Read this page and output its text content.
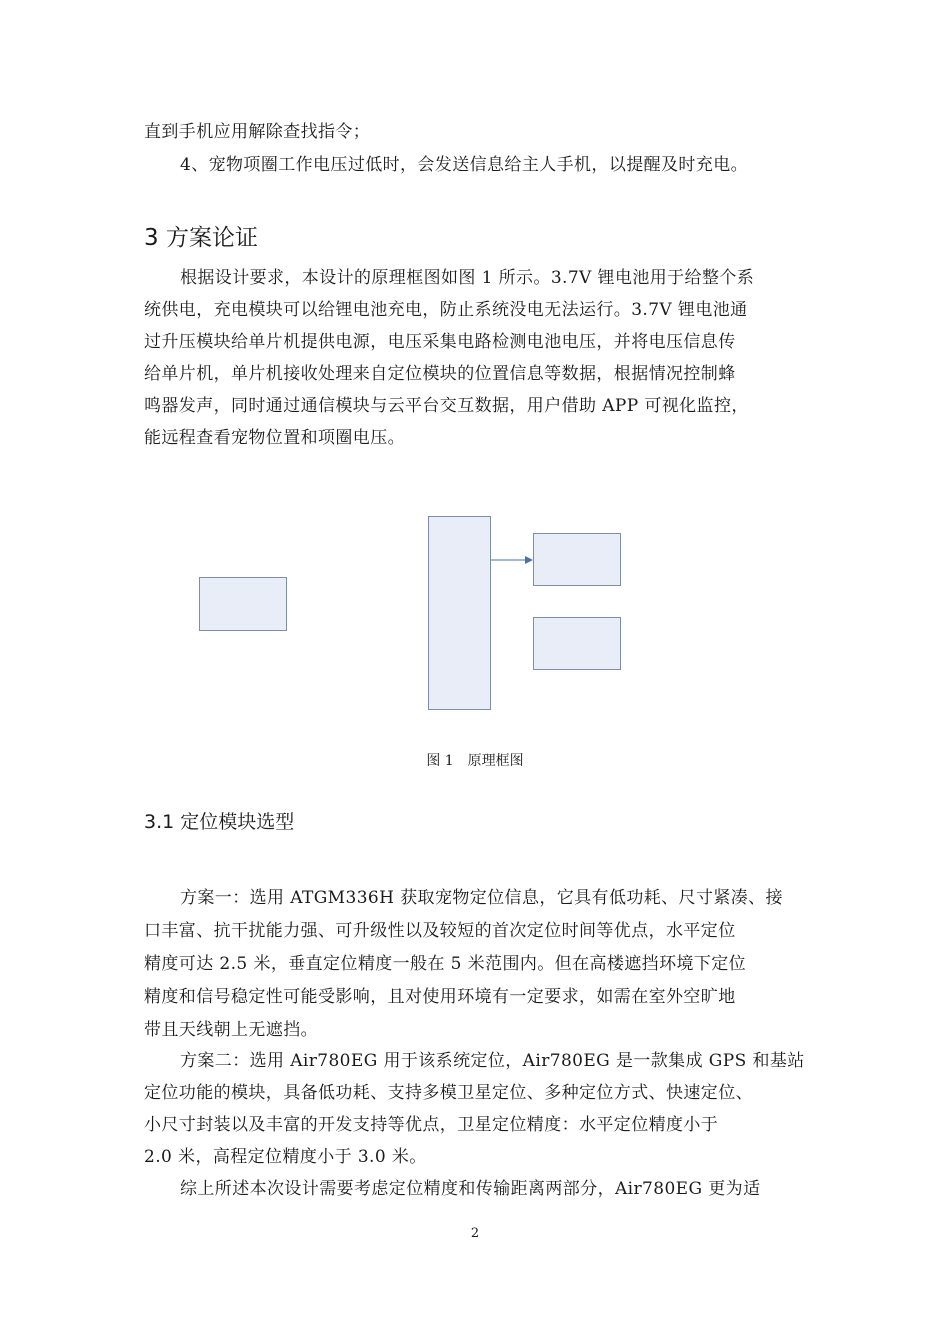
直到手机应用解除查找指令；
4、宠物项圈工作电压过低时，会发送信息给主人手机，以提醒及时充电。
3 方案论证
根据设计要求，本设计的原理框图如图 1 所示。3.7V 锂电池用于给整个系
统供电，充电模块可以给锂电池充电，防止系统没电无法运行。3.7V 锂电池通
过升压模块给单片机提供电源，电压采集电路检测电池电压，并将电压信息传
给单片机，单片机接收处理来自定位模块的位置信息等数据，根据情况控制蜂
鸣器发声，同时通过通信模块与云平台交互数据，用户借助 APP 可视化监控，
能远程查看宠物位置和项圈电压。
图 1 原理框图
3.1 定位模块选型
方案一：选用 ATGM336H 获取宠物定位信息，它具有低功耗、尺寸紧凑、接
口丰富、抗干扰能力强、可升级性以及较短的首次定位时间等优点，水平定位
精度可达 2.5 米，垂直定位精度一般在 5 米范围内。但在高楼遮挡环境下定位
精度和信号稳定性可能受影响，且对使用环境有一定要求，如需在室外空旷地
带且天线朝上无遮挡。
方案二：选用 Air780EG 用于该系统定位，Air780EG 是一款集成 GPS 和基站
定位功能的模块，具备低功耗、支持多模卫星定位、多种定位方式、快速定位、
小尺寸封装以及丰富的开发支持等优点，卫星定位精度：水平定位精度小于
2.0 米，高程定位精度小于 3.0 米。
综上所述本次设计需要考虑定位精度和传输距离两部分，Air780EG 更为适
2
